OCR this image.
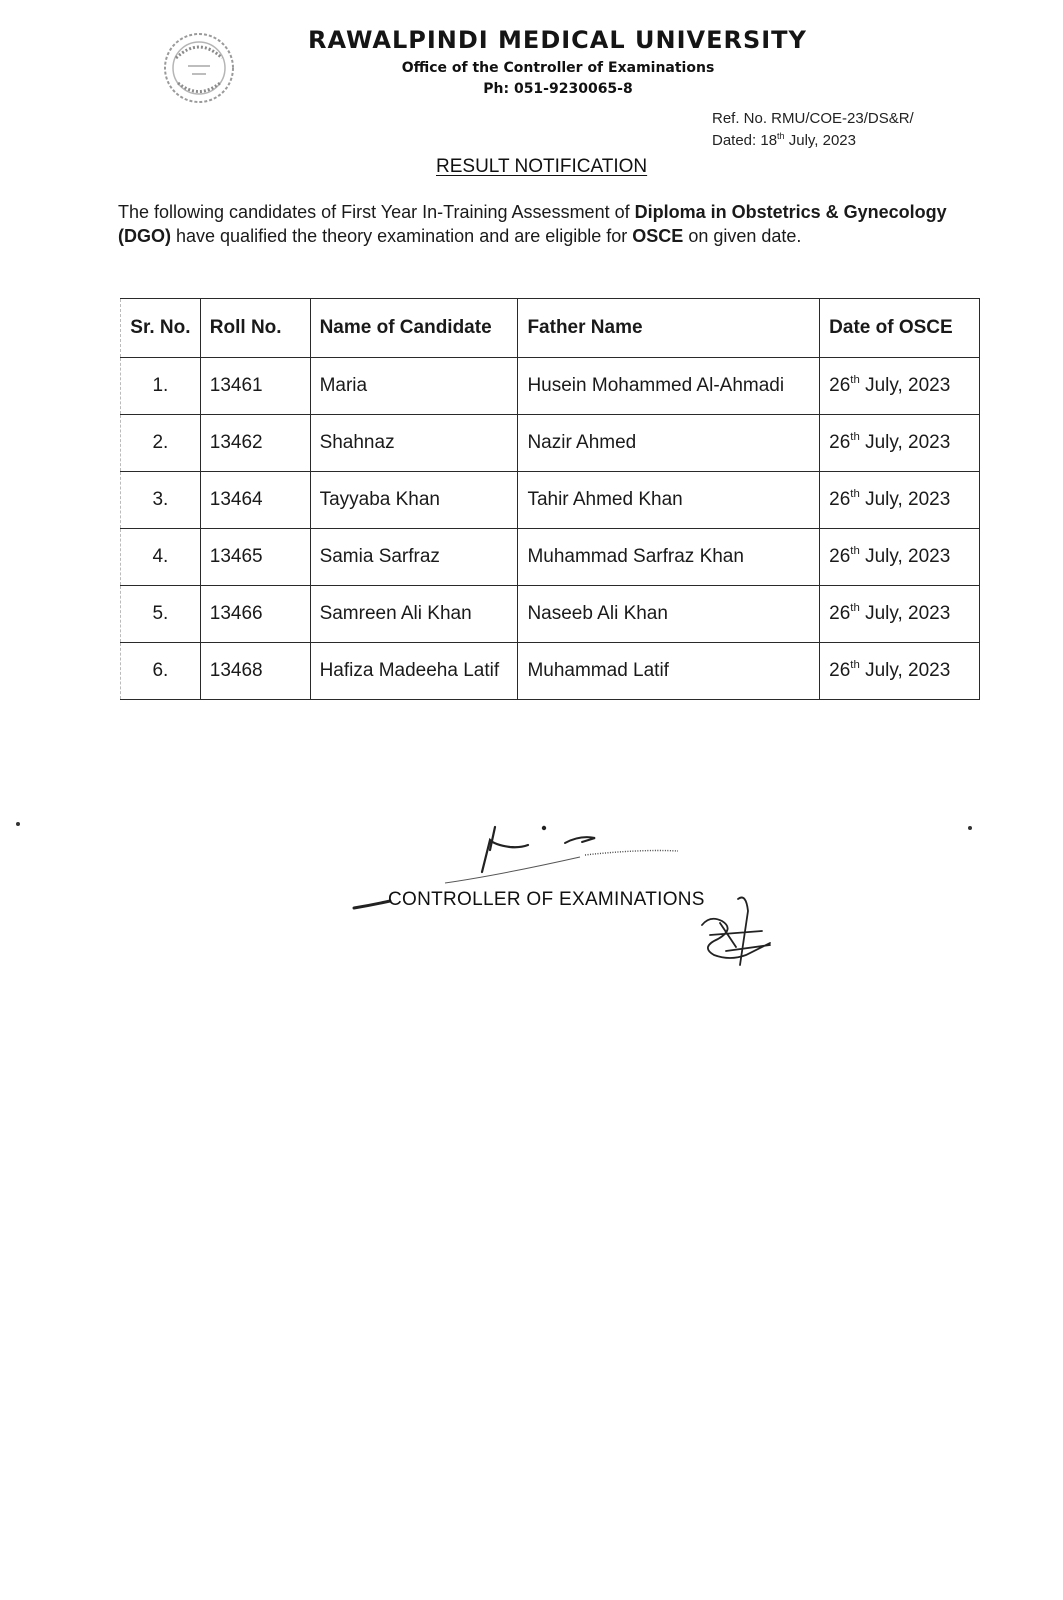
RAWALPINDI MEDICAL UNIVERSITY
Office of the Controller of Examinations
Ph: 051-9230065-8
Ref. No. RMU/COE-23/DS&R/
Dated: 18th July, 2023
RESULT NOTIFICATION
The following candidates of First Year In-Training Assessment of Diploma in Obstetrics & Gynecology (DGO) have qualified the theory examination and are eligible for OSCE on given date.
Sr. No.	Roll No.	Name of Candidate	Father Name	Date of OSCE
1.	13461	Maria	Husein Mohammed Al-Ahmadi	26th July, 2023
2.	13462	Shahnaz	Nazir Ahmed	26th July, 2023
3.	13464	Tayyaba Khan	Tahir Ahmed Khan	26th July, 2023
4.	13465	Samia Sarfraz	Muhammad Sarfraz Khan	26th July, 2023
5.	13466	Samreen Ali Khan	Naseeb Ali Khan	26th July, 2023
6.	13468	Hafiza Madeeha Latif	Muhammad Latif	26th July, 2023
CONTROLLER OF EXAMINATIONS
